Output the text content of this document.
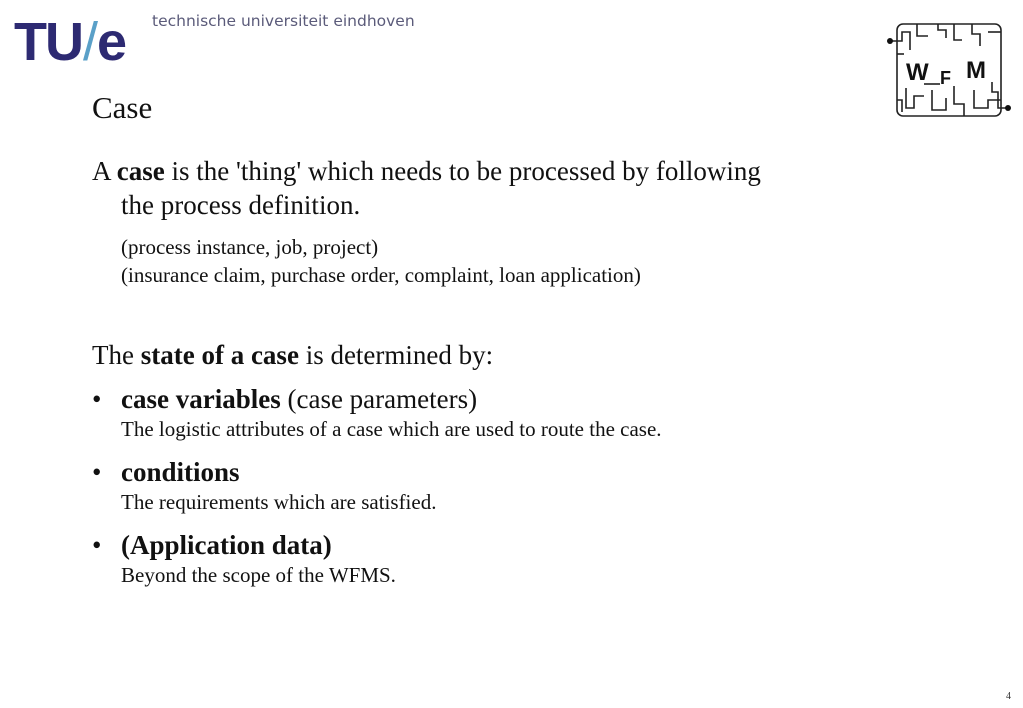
TU/e technische universiteit eindhoven
W F M
Case
A case is the 'thing' which needs to be processed by following
the process definition.
(process instance, job, project)
(insurance claim, purchase order, complaint, loan application)
The state of a case is determined by:
• case variables (case parameters)
The logistic attributes of a case which are used to route the case.
• conditions
The requirements which are satisfied.
• (Application data)
Beyond the scope of the WFMS.
4
